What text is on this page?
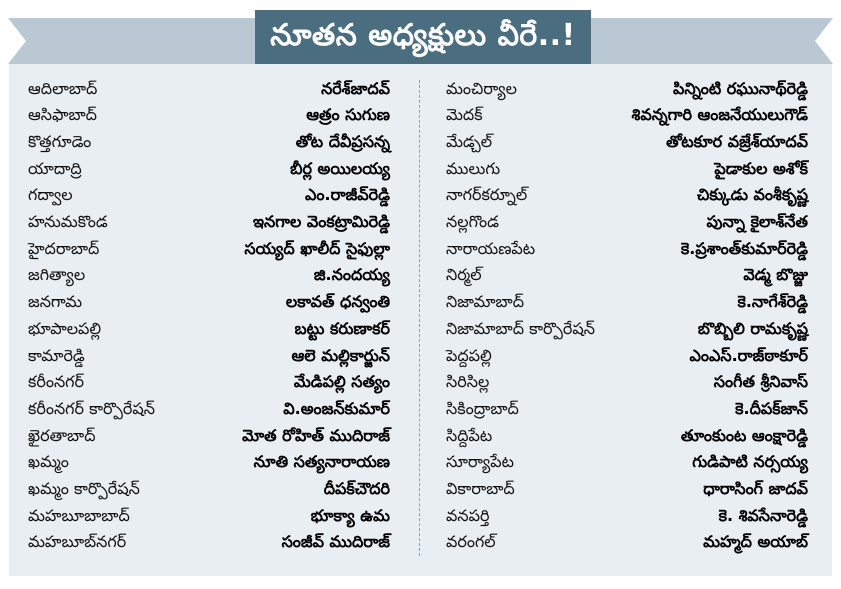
నూతన అధ్యక్షులు వీరే..!
ఆదిలాబాద్	నరేశ్‌జాదవ్
ఆసిఫాబాద్	ఆత్రం సుగుణ
కొత్తగూడెం	తోట దేవీప్రసన్న
యాదాద్రి	బీర్ల అయిలయ్య
గద్వాల	ఎం.రాజీవ్‌రెడ్డి
హనుమకొండ	ఇనగాల వెంకట్రామిరెడ్డి
హైదరాబాద్	సయ్యద్ ఖాలీద్ సైఫుల్లా
జగిత్యాల	జి.నందయ్య
జనగామ	లకావత్ ధన్వంతి
భూపాలపల్లి	బట్టు కరుణాకర్
కామారెడ్డి	ఆలె మల్లికార్జున్
కరీంనగర్	మేడిపల్లి సత్యం
కరీంనగర్ కార్పొరేషన్	వి.అంజన్‌కుమార్
ఖైరతాబాద్	మోత రోహిత్ ముదిరాజ్
ఖమ్మం	నూతి సత్యనారాయణ
ఖమ్మం కార్పొరేషన్	దీపక్‌చౌదరి
మహబూబాబాద్	భూక్యా ఉమ
మహబూబ్‌నగర్	సంజీవ్ ముదిరాజ్
మంచిర్యాల	పిన్నింటి రఘునాథ్‌రెడ్డి
మెదక్	శివన్నగారి ఆంజనేయులుగౌడ్
మేడ్చల్	తోటకూర వజ్రేశ్‌యాదవ్
ములుగు	పైడాకుల అశోక్
నాగర్‌కర్నూల్	చిక్కుడు వంశీకృష్ణ
నల్లగొండ	పున్నా కైలాశ్‌నేత
నారాయణపేట	కె.ప్రశాంత్‌కుమార్‌రెడ్డి
నిర్మల్	వెడ్మ బొజ్జు
నిజామాబాద్	కె.నాగేశ్‌రెడ్డి
నిజామాబాద్ కార్పొరేషన్	బొబ్బిలి రామకృష్ణ
పెద్దపల్లి	ఎంఎస్.రాజ్‌ఠాకూర్
సిరిసిల్ల	సంగీత శ్రీనివాస్
సికింద్రాబాద్	కె.దీపక్‌జాన్
సిద్దిపేట	తూంకుంట ఆంక్షారెడ్డి
సూర్యాపేట	గుడిపాటి నర్సయ్య
వికారాబాద్	ధారాసింగ్ జాదవ్
వనపర్తి	కె. శివసేనారెడ్డి
వరంగల్	మహ్మద్ అయాబ్
